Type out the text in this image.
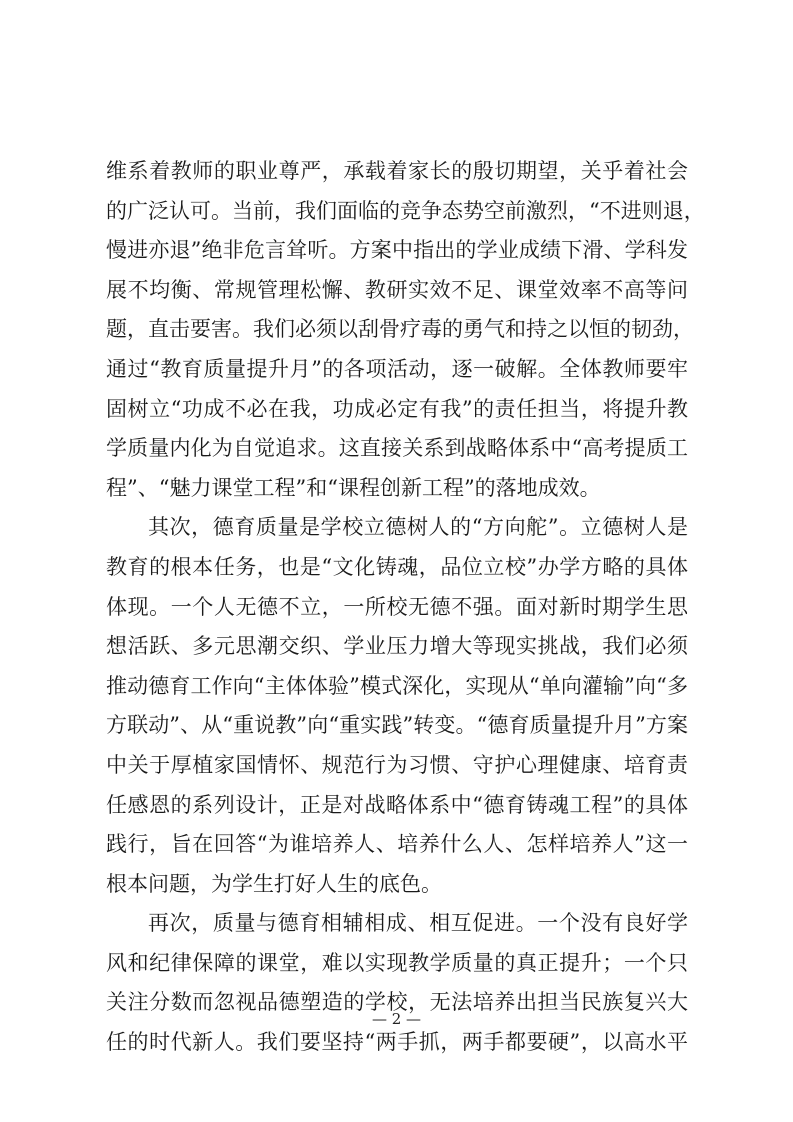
维系着教师的职业尊严，承载着家长的殷切期望，关乎着社会
的广泛认可。当前，我们面临的竞争态势空前激烈，“不进则退，
慢进亦退”绝非危言耸听。方案中指出的学业成绩下滑、学科发
展不均衡、常规管理松懈、教研实效不足、课堂效率不高等问
题，直击要害。我们必须以刮骨疗毒的勇气和持之以恒的韧劲，
通过“教育质量提升月”的各项活动，逐一破解。全体教师要牢
固树立“功成不必在我，功成必定有我”的责任担当，将提升教
学质量内化为自觉追求。这直接关系到战略体系中“高考提质工
程”、“魅力课堂工程”和“课程创新工程”的落地成效。
其次，德育质量是学校立德树人的“方向舵”。立德树人是
教育的根本任务，也是“文化铸魂，品位立校”办学方略的具体
体现。一个人无德不立，一所校无德不强。面对新时期学生思
想活跃、多元思潮交织、学业压力增大等现实挑战，我们必须
推动德育工作向“主体体验”模式深化，实现从“单向灌输”向“多
方联动”、从“重说教”向“重实践”转变。“德育质量提升月”方案
中关于厚植家国情怀、规范行为习惯、守护心理健康、培育责
任感恩的系列设计，正是对战略体系中“德育铸魂工程”的具体
践行，旨在回答“为谁培养人、培养什么人、怎样培养人”这一
根本问题，为学生打好人生的底色。
再次，质量与德育相辅相成、相互促进。一个没有良好学
风和纪律保障的课堂，难以实现教学质量的真正提升；一个只
关注分数而忽视品德塑造的学校，无法培养出担当民族复兴大
任的时代新人。我们要坚持“两手抓，两手都要硬”，以高水平
— 2 —
